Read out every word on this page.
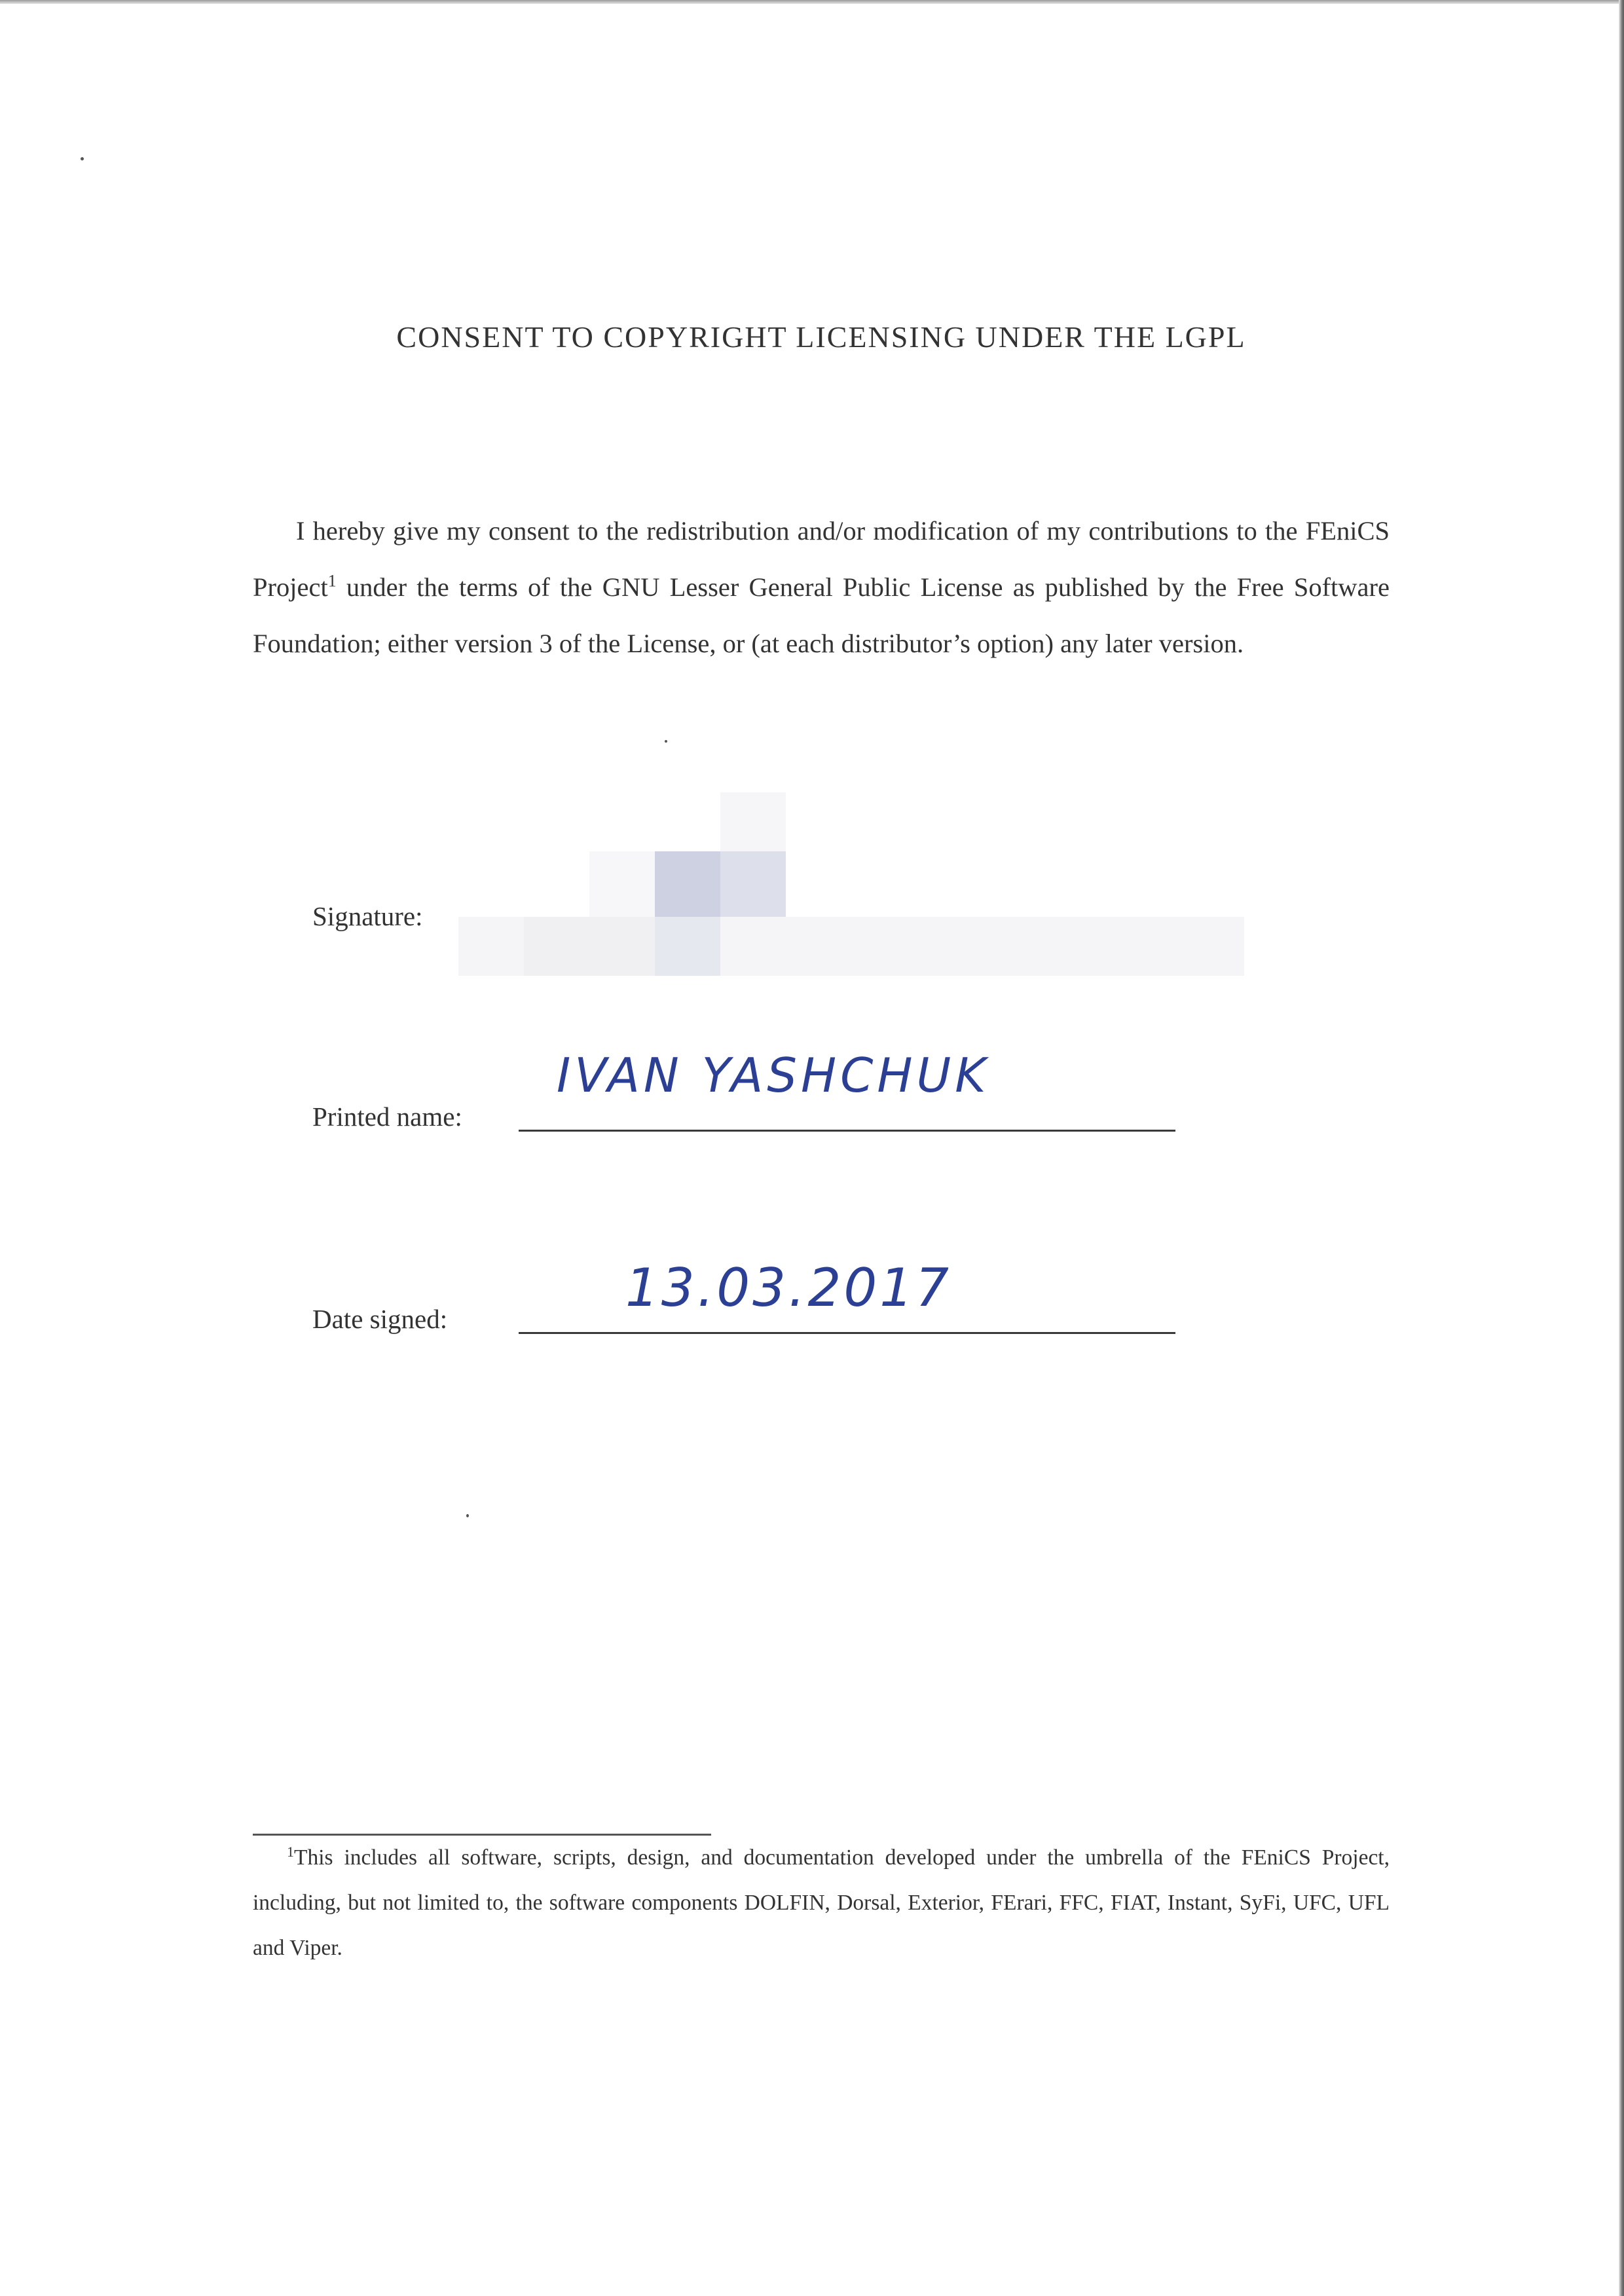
CONSENT TO COPYRIGHT LICENSING UNDER THE LGPL
I hereby give my consent to the redistribution and/or modification of my contributions to the FEniCS Project$^1$ under the terms of the GNU Lesser General Public License as published by the Free Software Foundation; either version 3 of the License, or (at each distributor’s option) any later version.
Signature:
Printed name:
IVAN YASHCHUK
Date signed:
13.03.2017
$^1$This includes all software, scripts, design, and documentation developed under the umbrella of the FEniCS Project, including, but not limited to, the software components DOLFIN, Dorsal, Exterior, FErari, FFC, FIAT, Instant, SyFi, UFC, UFL and Viper.
